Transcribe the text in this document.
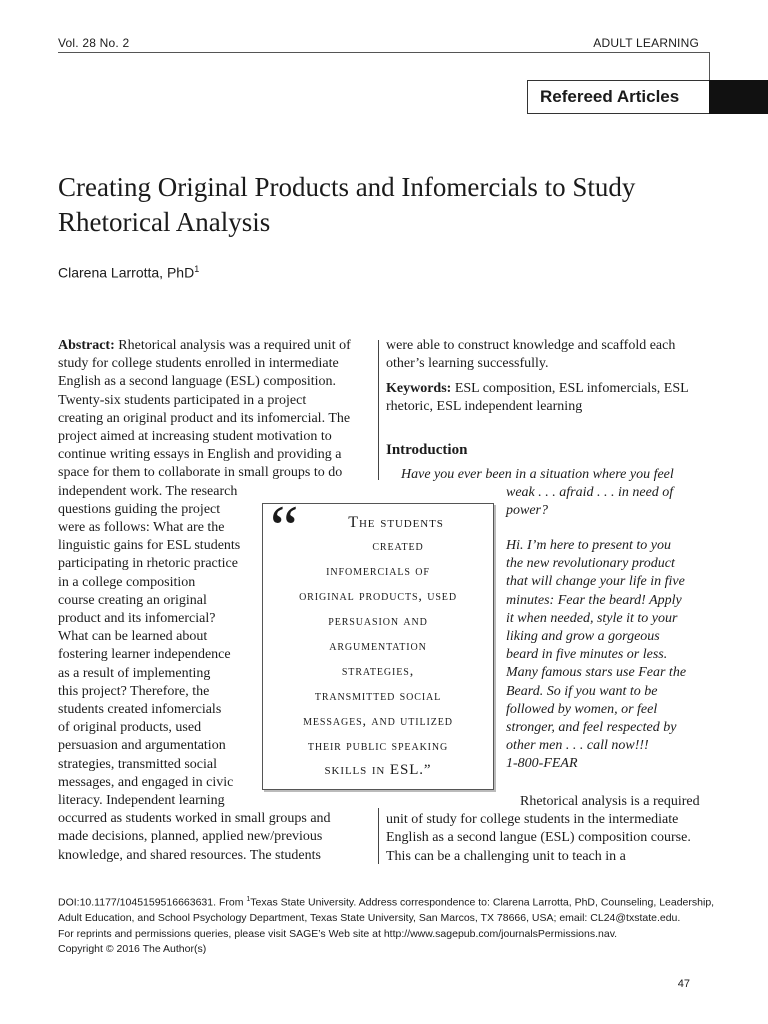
Vol. 28 No. 2	ADULT LEARNING
Refereed Articles
Creating Original Products and Infomercials to Study
Rhetorical Analysis
Clarena Larrotta, PhD$^1$
Abstract: Rhetorical analysis was a required unit of
study for college students enrolled in intermediate
English as a second language (ESL) composition.
Twenty-six students participated in a project
creating an original product and its infomercial. The
project aimed at increasing student motivation to
continue writing essays in English and providing a
space for them to collaborate in small groups to do
independent work. The research
questions guiding the project
were as follows: What are the
linguistic gains for ESL students
participating in rhetoric practice
in a college composition
course creating an original
product and its infomercial?
What can be learned about
fostering learner independence
as a result of implementing
this project? Therefore, the
students created infomercials
of original products, used
persuasion and argumentation
strategies, transmitted social
messages, and engaged in civic
literacy. Independent learning
occurred as students worked in small groups and
made decisions, planned, applied new/previous
knowledge, and shared resources. The students
were able to construct knowledge and scaffold each
other’s learning successfully.
Keywords: ESL composition, ESL infomercials, ESL
rhetoric, ESL independent learning
Introduction
Have you ever been in a situation where you feel
weak . . . afraid . . . in need of
power?
Hi. I’m here to present to you
the new revolutionary product
that will change your life in five
minutes: Fear the beard! Apply
it when needed, style it to your
liking and grow a gorgeous
beard in five minutes or less.
Many famous stars use Fear the
Beard. So if you want to be
followed by women, or feel
stronger, and feel respected by
other men . . . call now!!!
1-800-FEAR
Rhetorical analysis is a required
unit of study for college students in the intermediate
English as a second langue (ESL) composition course.
This can be a challenging unit to teach in a
“	The students
created
infomercials of
original products, used
persuasion and
argumentation
strategies,
transmitted social
messages, and utilized
their public speaking
skills in ESL.”
DOI:10.1177/1045159516663631. From $^1$Texas State University. Address correspondence to: Clarena Larrotta, PhD, Counseling, Leadership,
Adult Education, and School Psychology Department, Texas State University, San Marcos, TX 78666, USA; email: CL24@txstate.edu.
For reprints and permissions queries, please visit SAGE’s Web site at http://www.sagepub.com/journalsPermissions.nav.
Copyright © 2016 The Author(s)
47
